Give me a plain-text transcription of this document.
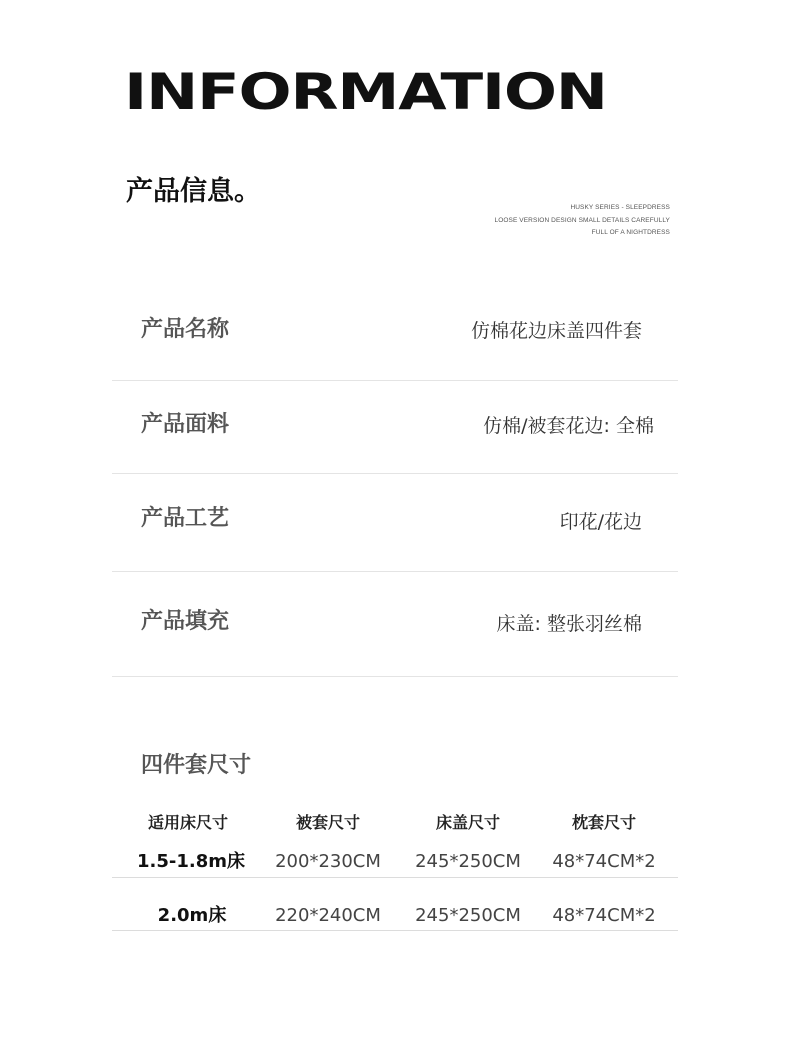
INFORMATION
产品信息。
HUSKY SERIES - SLEEPDRESS
LOOSE VERSION DESIGN SMALL DETAILS CAREFULLY
FULL OF A NIGHTDRESS
产品名称	仿棉花边床盖四件套
产品面料	仿棉/被套花边: 全棉
产品工艺	印花/花边
产品填充	床盖: 整张羽丝棉
四件套尺寸
适用床尺寸	被套尺寸	床盖尺寸	枕套尺寸
1.5-1.8m床	200*230CM	245*250CM	48*74CM*2
2.0m床	220*240CM	245*250CM	48*74CM*2
